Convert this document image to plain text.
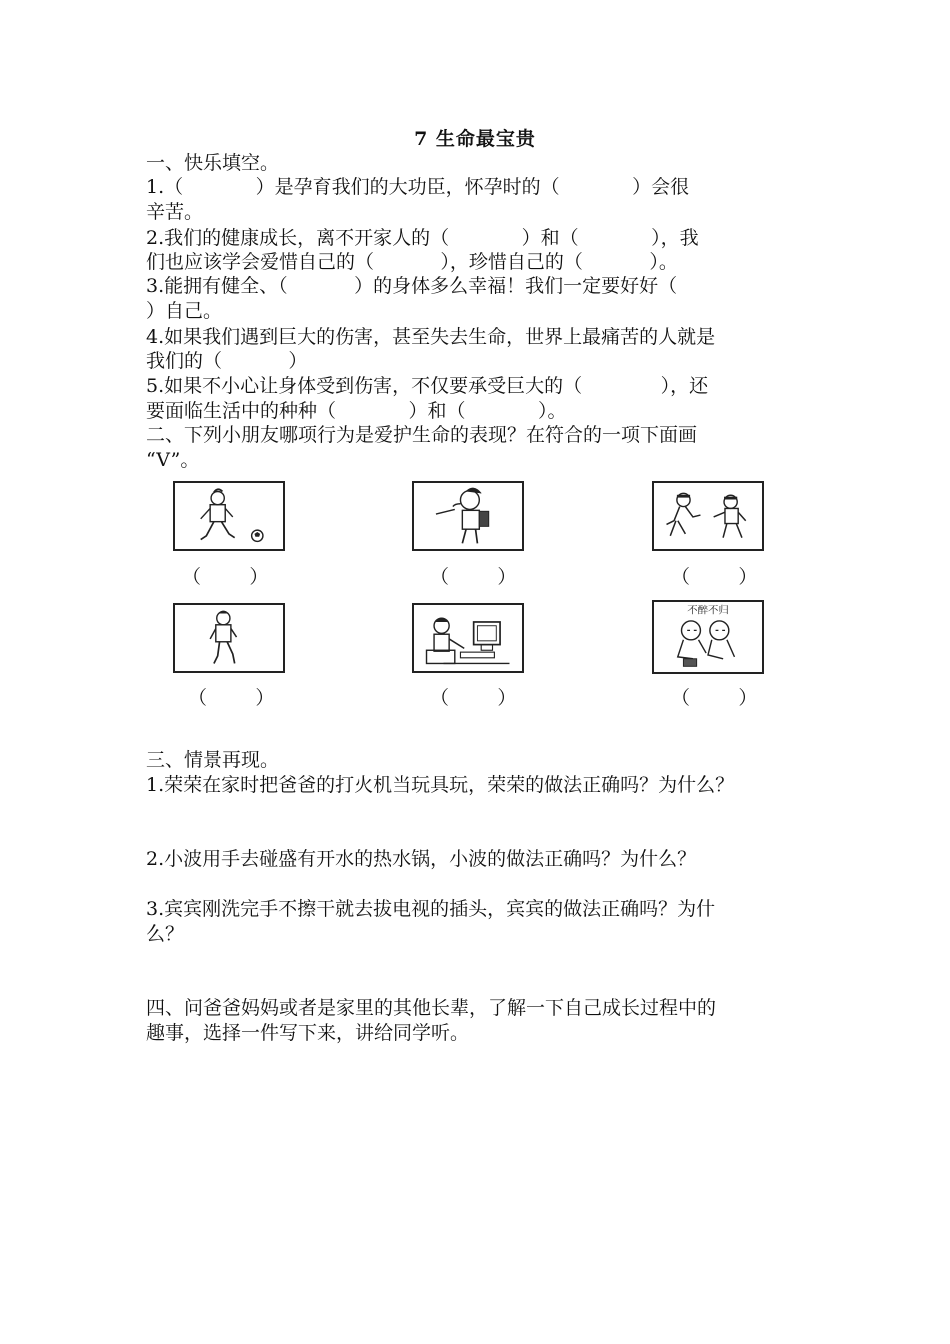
7 生命最宝贵
一、快乐填空。
1.（            ）是孕育我们的大功臣，怀孕时的（            ）会很
辛苦。
2.我们的健康成长，离不开家人的（            ）和（            ），我
们也应该学会爱惜自己的（           ），珍惜自己的（           ）。
3.能拥有健全、（           ）的身体多么幸福！我们一定要好好（
）自己。
4.如果我们遇到巨大的伤害，甚至失去生命，世界上最痛苦的人就是
我们的（           ）
5.如果不小心让身体受到伤害，不仅要承受巨大的（             ），还
要面临生活中的种种（            ）和（            ）。
二、下列小朋友哪项行为是爱护生命的表现？在符合的一项下面画
“V”。
（        ）	（        ）	（        ）
不醉不归
（        ）	（        ）	（        ）
三、情景再现。
1.荣荣在家时把爸爸的打火机当玩具玩，荣荣的做法正确吗？为什么？
2.小波用手去碰盛有开水的热水锅，小波的做法正确吗？为什么？
3.宾宾刚洗完手不擦干就去拔电视的插头，宾宾的做法正确吗？为什
么？
四、问爸爸妈妈或者是家里的其他长辈，了解一下自己成长过程中的
趣事，选择一件写下来，讲给同学听。
